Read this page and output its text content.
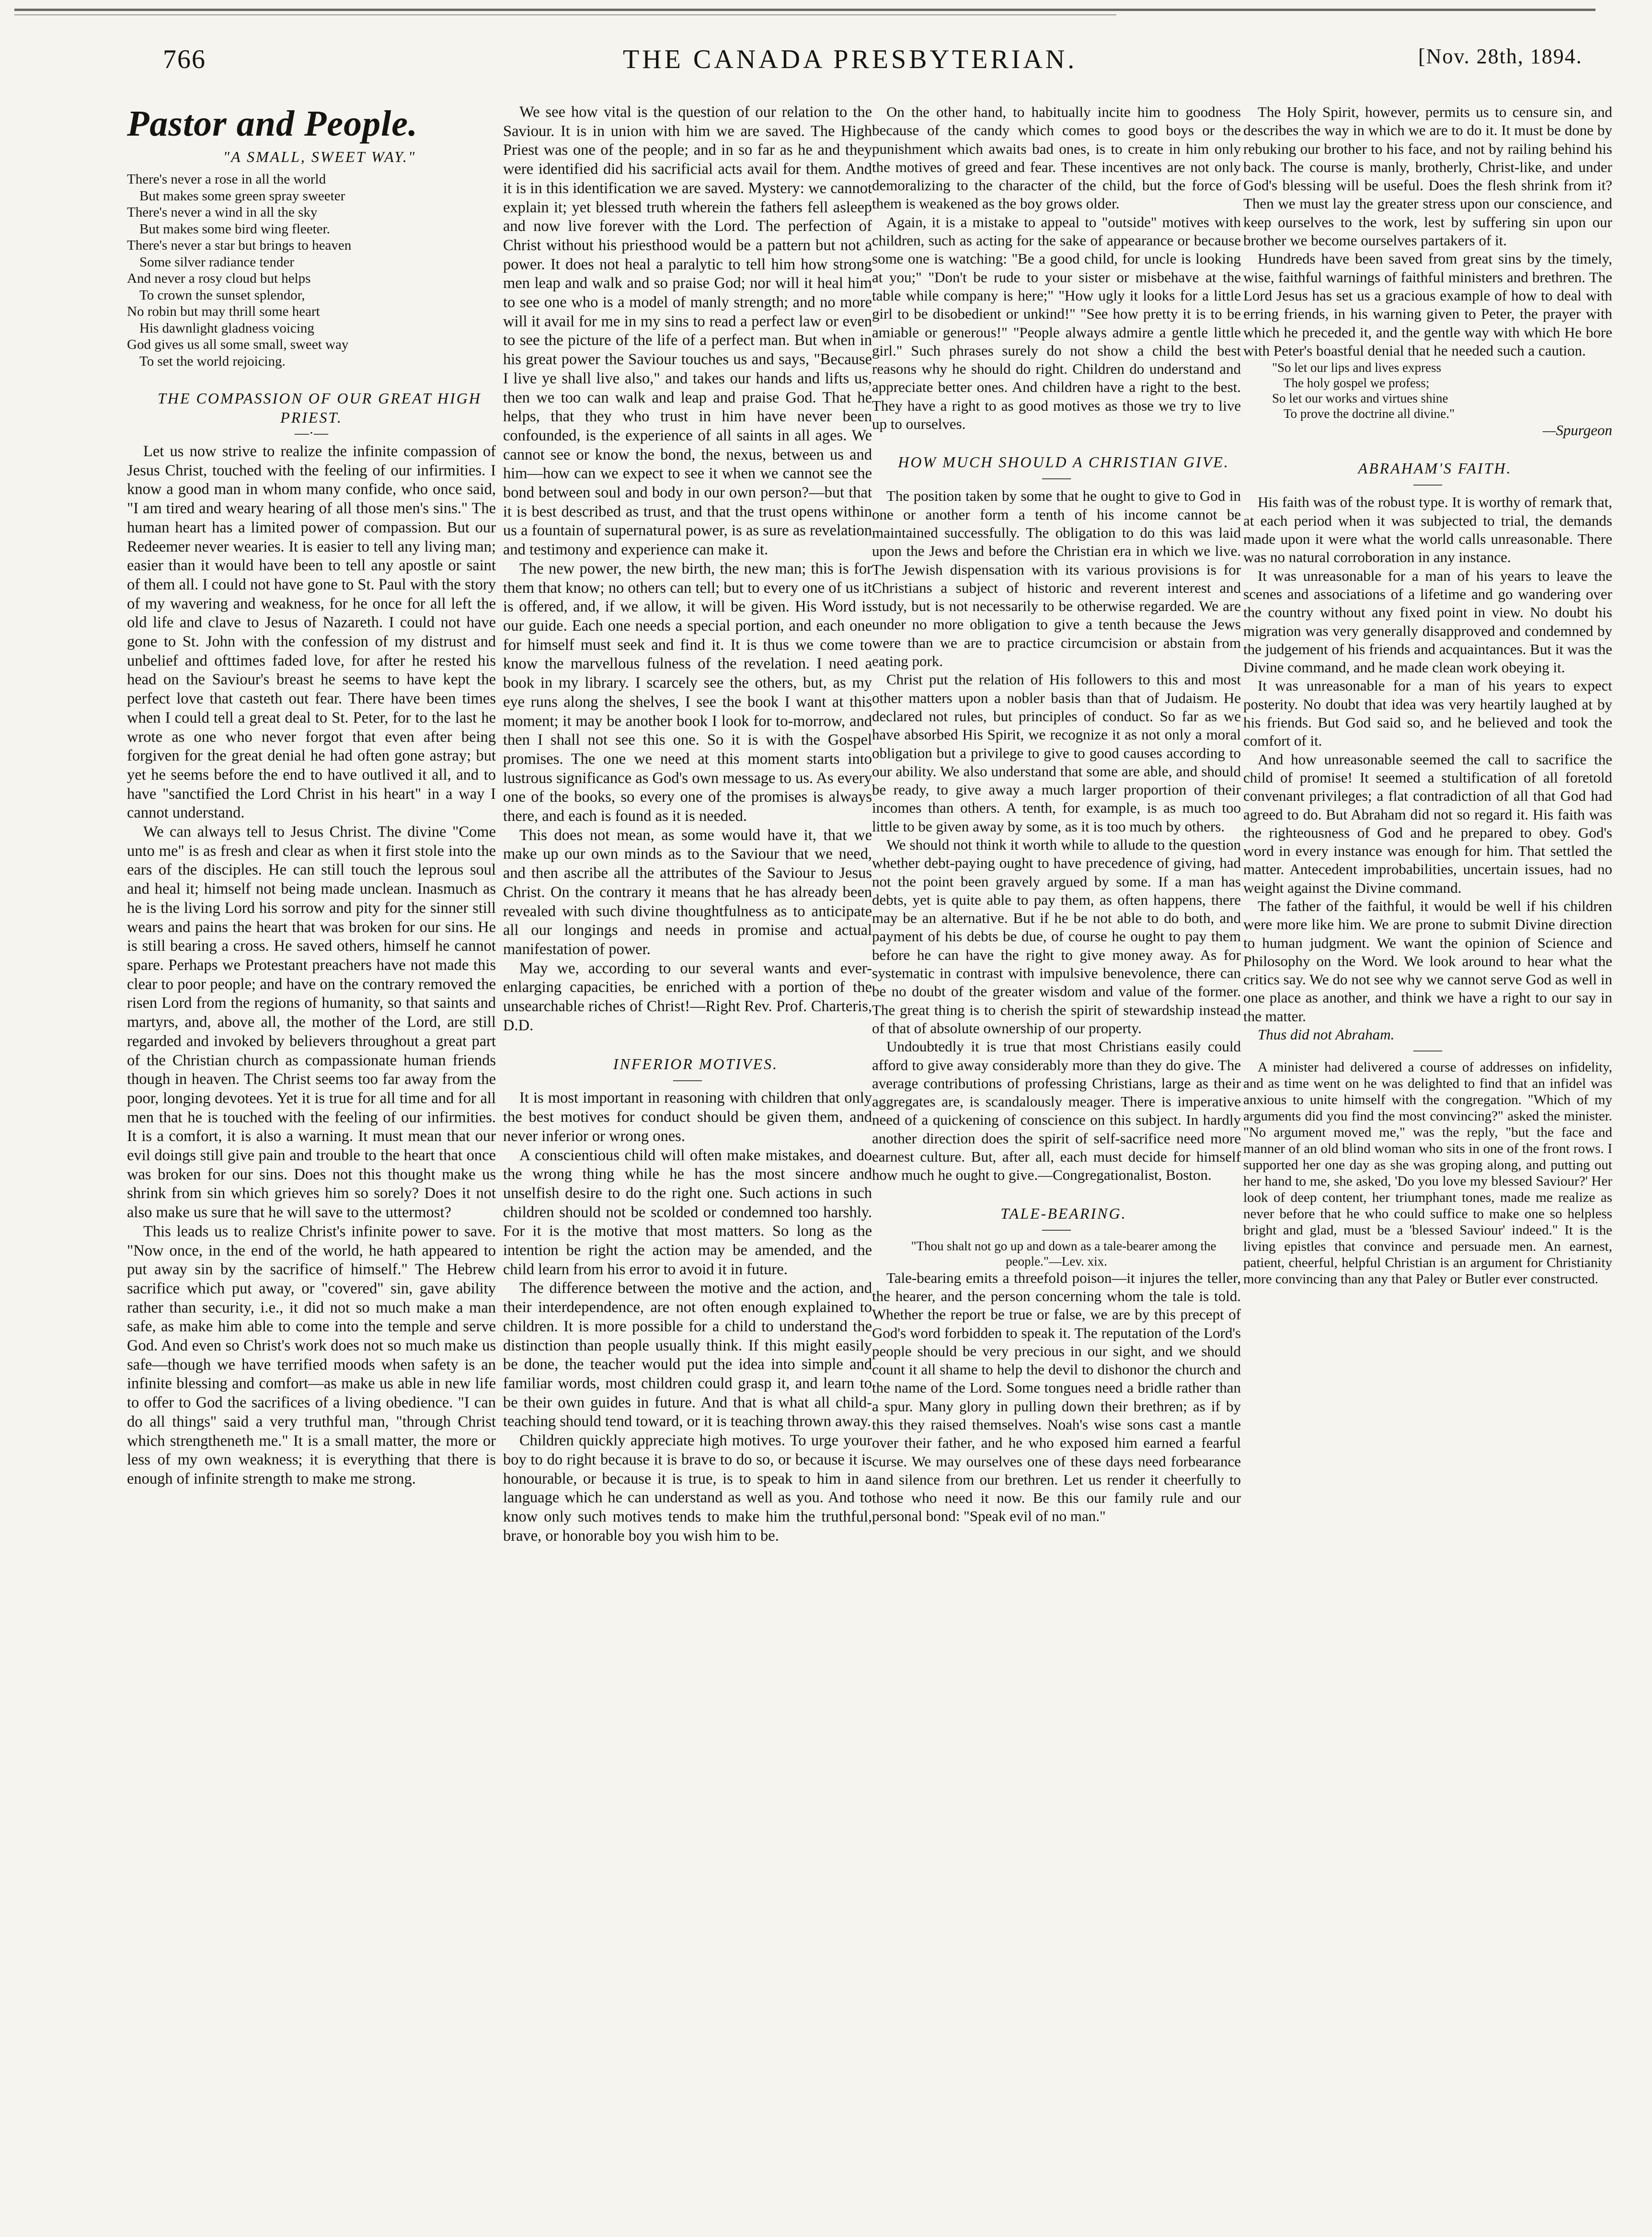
766	THE CANADA PRESBYTERIAN.	[Nov. 28th, 1894.
Pastor and People.

"A SMALL, SWEET WAY."

There's never a rose in all the world
But makes some green spray sweeter
There's never a wind in all the sky
But makes some bird wing fleeter.
There's never a star but brings to heaven
Some silver radiance tender
And never a rosy cloud but helps
To crown the sunset splendor,
No robin but may thrill some heart
His dawnlight gladness voicing
God gives us all some small, sweet way
To set the world rejoicing.

THE COMPASSION OF OUR GREAT HIGH PRIEST.

—·—

Let us now strive to realize the infinite compassion of Jesus Christ, touched with the feeling of our infirmities. I know a good man in whom many confide, who once said, "I am tired and weary hearing of all those men's sins." The human heart has a limited power of compassion. But our Redeemer never wearies. It is easier to tell any living man; easier than it would have been to tell any apostle or saint of them all. I could not have gone to St. Paul with the story of my wavering and weakness, for he once for all left the old life and clave to Jesus of Nazareth. I could not have gone to St. John with the confession of my distrust and unbelief and ofttimes faded love, for after he rested his head on the Saviour's breast he seems to have kept the perfect love that casteth out fear. There have been times when I could tell a great deal to St. Peter, for to the last he wrote as one who never forgot that even after being forgiven for the great denial he had often gone astray; but yet he seems before the end to have outlived it all, and to have "sanctified the Lord Christ in his heart" in a way I cannot understand.

We can always tell to Jesus Christ. The divine "Come unto me" is as fresh and clear as when it first stole into the ears of the disciples. He can still touch the leprous soul and heal it; himself not being made unclean. Inasmuch as he is the living Lord his sorrow and pity for the sinner still wears and pains the heart that was broken for our sins. He is still bearing a cross. He saved others, himself he cannot spare. Perhaps we Protestant preachers have not made this clear to poor people; and have on the contrary removed the risen Lord from the regions of humanity, so that saints and martyrs, and, above all, the mother of the Lord, are still regarded and invoked by believers throughout a great part of the Christian church as compassionate human friends though in heaven. The Christ seems too far away from the poor, longing devotees. Yet it is true for all time and for all men that he is touched with the feeling of our infirmities. It is a comfort, it is also a warning. It must mean that our evil doings still give pain and trouble to the heart that once was broken for our sins. Does not this thought make us shrink from sin which grieves him so sorely? Does it not also make us sure that he will save to the uttermost?

This leads us to realize Christ's infinite power to save. "Now once, in the end of the world, he hath appeared to put away sin by the sacrifice of himself." The Hebrew sacrifice which put away, or "covered" sin, gave ability rather than security, i.e., it did not so much make a man safe, as make him able to come into the temple and serve God. And even so Christ's work does not so much make us safe—though we have terrified moods when safety is an infinite blessing and comfort—as make us able in new life to offer to God the sacrifices of a living obedience. "I can do all things" said a very truthful man, "through Christ which strengtheneth me." It is a small matter, the more or less of my own weakness; it is everything that there is enough of infinite strength to make me strong.

We see how vital is the question of our relation to the Saviour. It is in union with him we are saved. The High Priest was one of the people; and in so far as he and they were identified did his sacrificial acts avail for them. And it is in this identification we are saved. Mystery: we cannot explain it; yet blessed truth wherein the fathers fell asleep and now live forever with the Lord. The perfection of Christ without his priesthood would be a pattern but not a power. It does not heal a paralytic to tell him how strong men leap and walk and so praise God; nor will it heal him to see one who is a model of manly strength; and no more will it avail for me in my sins to read a perfect law or even to see the picture of the life of a perfect man. But when in his great power the Saviour touches us and says, "Because I live ye shall live also," and takes our hands and lifts us, then we too can walk and leap and praise God. That he helps, that they who trust in him have never been confounded, is the experience of all saints in all ages. We cannot see or know the bond, the nexus, between us and him—how can we expect to see it when we cannot see the bond between soul and body in our own person?—but that it is best described as trust, and that the trust opens within us a fountain of supernatural power, is as sure as revelation and testimony and experience can make it.

The new power, the new birth, the new man; this is for them that know; no others can tell; but to every one of us it is offered, and, if we allow, it will be given. His Word is our guide. Each one needs a special portion, and each one for himself must seek and find it. It is thus we come to know the marvellous fulness of the revelation. I need a book in my library. I scarcely see the others, but, as my eye runs along the shelves, I see the book I want at this moment; it may be another book I look for to-morrow, and then I shall not see this one. So it is with the Gospel promises. The one we need at this moment starts into lustrous significance as God's own message to us. As every one of the books, so every one of the promises is always there, and each is found as it is needed.

This does not mean, as some would have it, that we make up our own minds as to the Saviour that we need, and then ascribe all the attributes of the Saviour to Jesus Christ. On the contrary it means that he has already been revealed with such divine thoughtfulness as to anticipate all our longings and needs in promise and actual manifestation of power.

May we, according to our several wants and ever-enlarging capacities, be enriched with a portion of the unsearchable riches of Christ!—Right Rev. Prof. Charteris, D.D.

INFERIOR MOTIVES.

——

It is most important in reasoning with children that only the best motives for conduct should be given them, and never inferior or wrong ones.

A conscientious child will often make mistakes, and do the wrong thing while he has the most sincere and unselfish desire to do the right one. Such actions in such children should not be scolded or condemned too harshly. For it is the motive that most matters. So long as the intention be right the action may be amended, and the child learn from his error to avoid it in future.

The difference between the motive and the action, and their interdependence, are not often enough explained to children. It is more possible for a child to understand the distinction than people usually think. If this might easily be done, the teacher would put the idea into simple and familiar words, most children could grasp it, and learn to be their own guides in future. And that is what all child-teaching should tend toward, or it is teaching thrown away.

Children quickly appreciate high motives. To urge your boy to do right because it is brave to do so, or because it is honourable, or because it is true, is to speak to him in a language which he can understand as well as you. And to know only such motives tends to make him the truthful, brave, or honorable boy you wish him to be.

On the other hand, to habitually incite him to goodness because of the candy which comes to good boys or the punishment which awaits bad ones, is to create in him only the motives of greed and fear. These incentives are not only demoralizing to the character of the child, but the force of them is weakened as the boy grows older.

Again, it is a mistake to appeal to "outside" motives with children, such as acting for the sake of appearance or because some one is watching: "Be a good child, for uncle is looking at you;" "Don't be rude to your sister or misbehave at the table while company is here;" "How ugly it looks for a little girl to be disobedient or unkind!" "See how pretty it is to be amiable or generous!" "People always admire a gentle little girl." Such phrases surely do not show a child the best reasons why he should do right. Children do understand and appreciate better ones. And children have a right to the best. They have a right to as good motives as those we try to live up to ourselves.

HOW MUCH SHOULD A CHRISTIAN GIVE.

——

The position taken by some that he ought to give to God in one or another form a tenth of his income cannot be maintained successfully. The obligation to do this was laid upon the Jews and before the Christian era in which we live. The Jewish dispensation with its various provisions is for Christians a subject of historic and reverent interest and study, but is not necessarily to be otherwise regarded. We are under no more obligation to give a tenth because the Jews were than we are to practice circumcision or abstain from eating pork.

Christ put the relation of His followers to this and most other matters upon a nobler basis than that of Judaism. He declared not rules, but principles of conduct. So far as we have absorbed His Spirit, we recognize it as not only a moral obligation but a privilege to give to good causes according to our ability. We also understand that some are able, and should be ready, to give away a much larger proportion of their incomes than others. A tenth, for example, is as much too little to be given away by some, as it is too much by others.

We should not think it worth while to allude to the question whether debt-paying ought to have precedence of giving, had not the point been gravely argued by some. If a man has debts, yet is quite able to pay them, as often happens, there may be an alternative. But if he be not able to do both, and payment of his debts be due, of course he ought to pay them before he can have the right to give money away. As for systematic in contrast with impulsive benevolence, there can be no doubt of the greater wisdom and value of the former. The great thing is to cherish the spirit of stewardship instead of that of absolute ownership of our property.

Undoubtedly it is true that most Christians easily could afford to give away considerably more than they do give. The average contributions of professing Christians, large as their aggregates are, is scandalously meager. There is imperative need of a quickening of conscience on this subject. In hardly another direction does the spirit of self-sacrifice need more earnest culture. But, after all, each must decide for himself how much he ought to give.—Congregationalist, Boston.

TALE-BEARING.

——

"Thou shalt not go up and down as a tale-bearer among the people."—Lev. xix.

Tale-bearing emits a threefold poison—it injures the teller, the hearer, and the person concerning whom the tale is told. Whether the report be true or false, we are by this precept of God's word forbidden to speak it. The reputation of the Lord's people should be very precious in our sight, and we should count it all shame to help the devil to dishonor the church and the name of the Lord. Some tongues need a bridle rather than a spur. Many glory in pulling down their brethren; as if by this they raised themselves. Noah's wise sons cast a mantle over their father, and he who exposed him earned a fearful curse. We may ourselves one of these days need forbearance and silence from our brethren. Let us render it cheerfully to those who need it now. Be this our family rule and our personal bond: "Speak evil of no man."

The Holy Spirit, however, permits us to censure sin, and describes the way in which we are to do it. It must be done by rebuking our brother to his face, and not by railing behind his back. The course is manly, brotherly, Christ-like, and under God's blessing will be useful. Does the flesh shrink from it? Then we must lay the greater stress upon our conscience, and keep ourselves to the work, lest by suffering sin upon our brother we become ourselves partakers of it.

Hundreds have been saved from great sins by the timely, wise, faithful warnings of faithful ministers and brethren. The Lord Jesus has set us a gracious example of how to deal with erring friends, in his warning given to Peter, the prayer with which he preceded it, and the gentle way with which He bore with Peter's boastful denial that he needed such a caution.

"So let our lips and lives express
The holy gospel we profess;
So let our works and virtues shine
To prove the doctrine all divine."
—Spurgeon

ABRAHAM'S FAITH.

——

His faith was of the robust type. It is worthy of remark that, at each period when it was subjected to trial, the demands made upon it were what the world calls unreasonable. There was no natural corroboration in any instance.

It was unreasonable for a man of his years to leave the scenes and associations of a lifetime and go wandering over the country without any fixed point in view. No doubt his migration was very generally disapproved and condemned by the judgement of his friends and acquaintances. But it was the Divine command, and he made clean work obeying it.

It was unreasonable for a man of his years to expect posterity. No doubt that idea was very heartily laughed at by his friends. But God said so, and he believed and took the comfort of it.

And how unreasonable seemed the call to sacrifice the child of promise! It seemed a stultification of all foretold convenant privileges; a flat contradiction of all that God had agreed to do. But Abraham did not so regard it. His faith was the righteousness of God and he prepared to obey. God's word in every instance was enough for him. That settled the matter. Antecedent improbabilities, uncertain issues, had no weight against the Divine command.

The father of the faithful, it would be well if his children were more like him. We are prone to submit Divine direction to human judgment. We want the opinion of Science and Philosophy on the Word. We look around to hear what the critics say. We do not see why we cannot serve God as well in one place as another, and think we have a right to our say in the matter.

Thus did not Abraham.

——

A minister had delivered a course of addresses on infidelity, and as time went on he was delighted to find that an infidel was anxious to unite himself with the congregation. "Which of my arguments did you find the most convincing?" asked the minister. "No argument moved me," was the reply, "but the face and manner of an old blind woman who sits in one of the front rows. I supported her one day as she was groping along, and putting out her hand to me, she asked, 'Do you love my blessed Saviour?' Her look of deep content, her triumphant tones, made me realize as never before that he who could suffice to make one so helpless bright and glad, must be a 'blessed Saviour' indeed." It is the living epistles that convince and persuade men. An earnest, patient, cheerful, helpful Christian is an argument for Christianity more convincing than any that Paley or Butler ever constructed.
